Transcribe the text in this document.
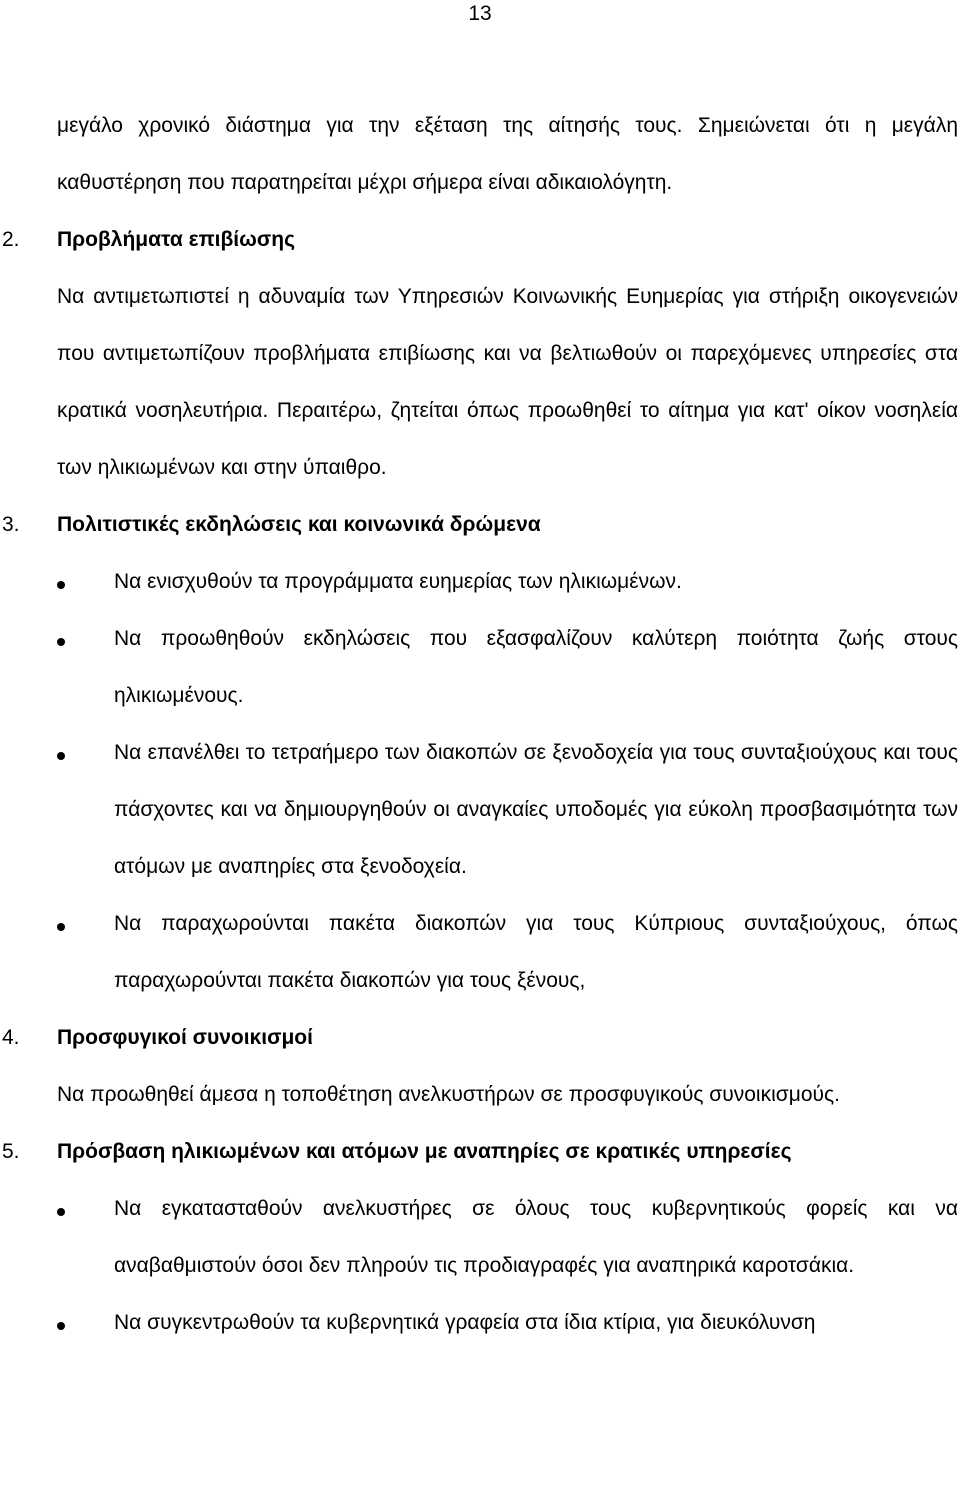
13

μεγάλο χρονικό διάστημα για την εξέταση της αίτησής τους. Σημειώνεται ότι η μεγάλη καθυστέρηση που παρατηρείται μέχρι σήμερα είναι αδικαιολόγητη.

2. Προβλήματα επιβίωσης

Να αντιμετωπιστεί η αδυναμία των Υπηρεσιών Κοινωνικής Ευημερίας για στήριξη οικογενειών που αντιμετωπίζουν προβλήματα επιβίωσης και να βελτιωθούν οι παρεχόμενες υπηρεσίες στα κρατικά νοσηλευτήρια. Περαιτέρω, ζητείται όπως προωθηθεί το αίτημα για κατ' οίκον νοσηλεία των ηλικιωμένων και στην ύπαιθρο.

3. Πολιτιστικές εκδηλώσεις και κοινωνικά δρώμενα
Να ενισχυθούν τα προγράμματα ευημερίας των ηλικιωμένων.
Να προωθηθούν εκδηλώσεις που εξασφαλίζουν καλύτερη ποιότητα ζωής στους ηλικιωμένους.
Να επανέλθει το τετραήμερο των διακοπών σε ξενοδοχεία για τους συνταξιούχους και τους πάσχοντες και να δημιουργηθούν οι αναγκαίες υποδομές για εύκολη προσβασιμότητα των ατόμων με αναπηρίες στα ξενοδοχεία.
Να παραχωρούνται πακέτα διακοπών για τους Κύπριους συνταξιούχους, όπως παραχωρούνται πακέτα διακοπών για τους ξένους,
4. Προσφυγικοί συνοικισμοί

Να προωθηθεί άμεσα η τοποθέτηση ανελκυστήρων σε προσφυγικούς συνοικισμούς.

5. Πρόσβαση ηλικιωμένων και ατόμων με αναπηρίες σε κρατικές υπηρεσίες
Να εγκατασταθούν ανελκυστήρες σε όλους τους κυβερνητικούς φορείς και να αναβαθμιστούν όσοι δεν πληρούν τις προδιαγραφές για αναπηρικά καροτσάκια.
Να συγκεντρωθούν τα κυβερνητικά γραφεία στα ίδια κτίρια, για διευκόλυνση
